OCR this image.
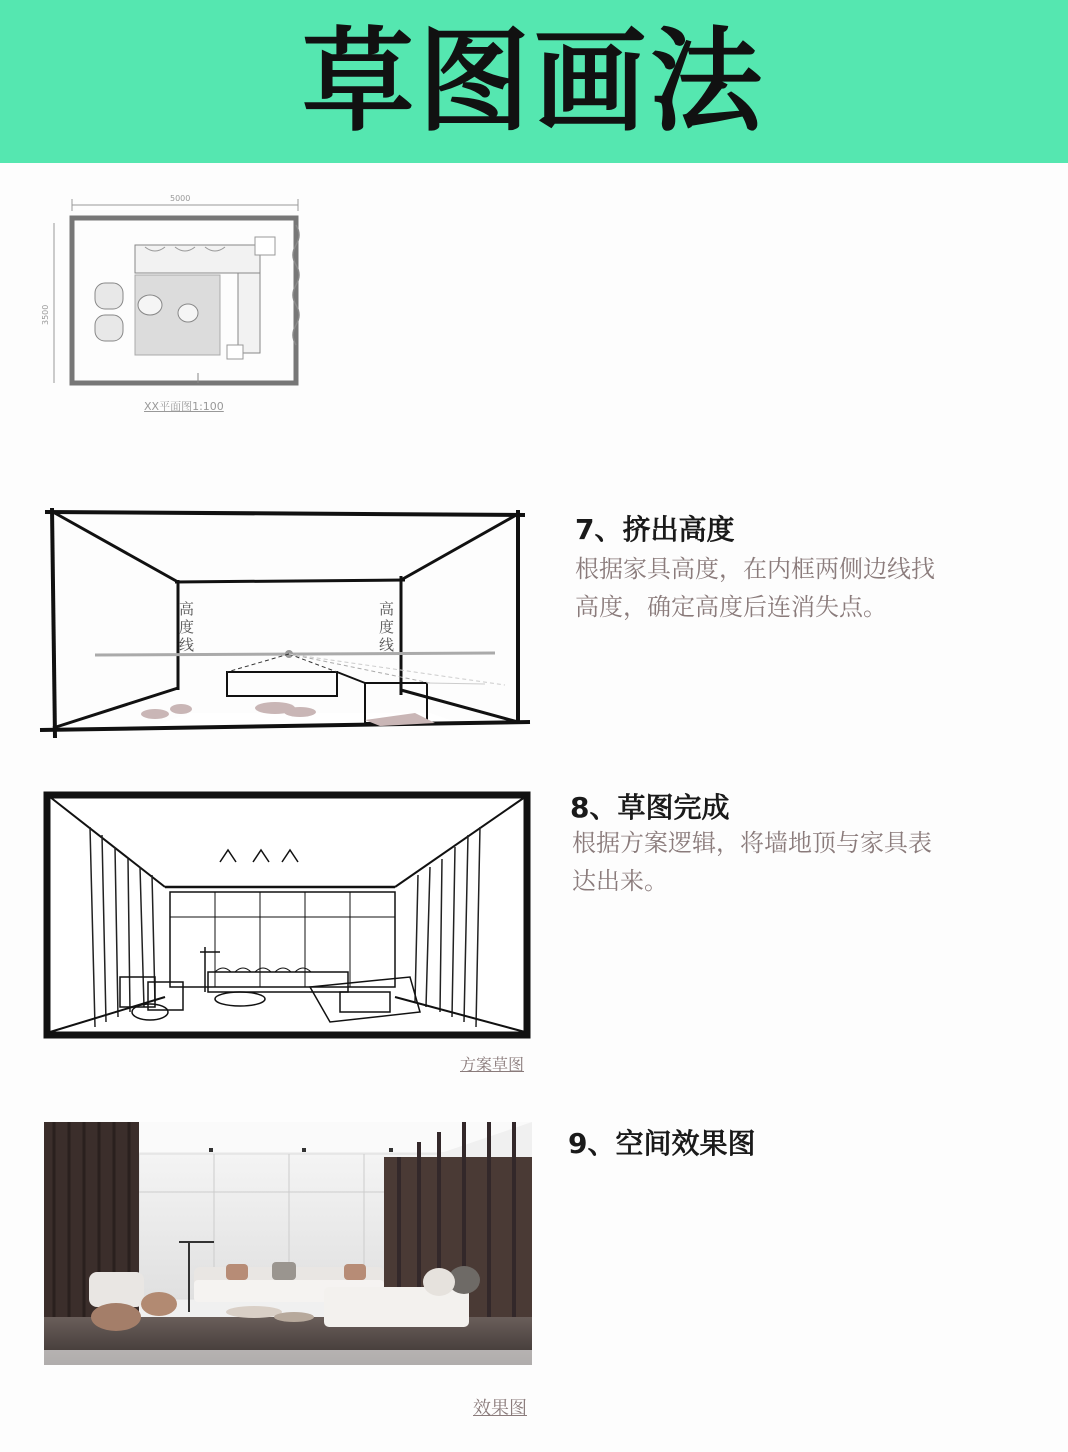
草图画法
5000
3500
XX平面图1:100
高度线
高度线
7、挤出高度
根据家具高度，在内框两侧边线找
高度，确定高度后连消失点。
方案草图
8、草图完成
根据方案逻辑，将墙地顶与家具表
达出来。
效果图
9、空间效果图
